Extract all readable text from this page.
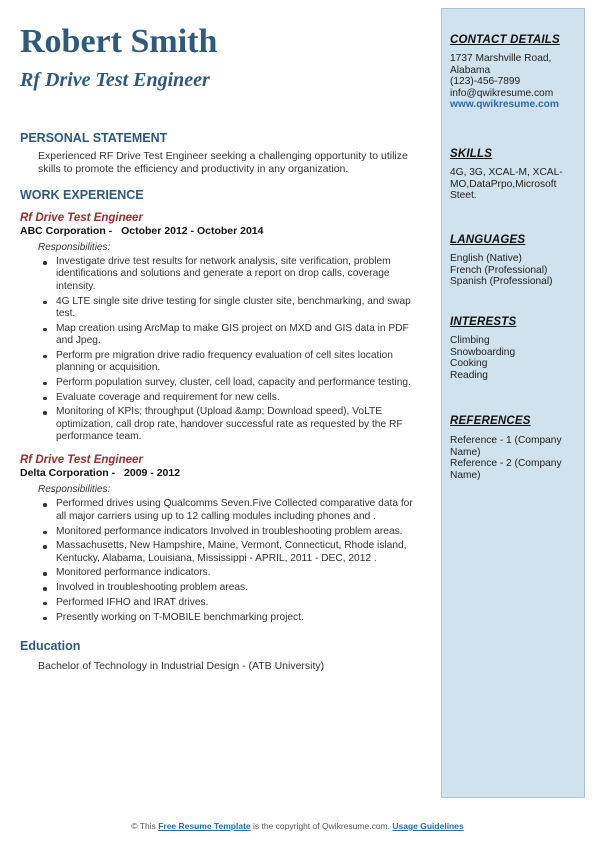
Robert Smith
Rf Drive Test Engineer
PERSONAL STATEMENT
Experienced RF Drive Test Engineer seeking a challenging opportunity to utilize skills to promote the efficiency and productivity in any organization.
WORK EXPERIENCE
Rf Drive Test Engineer
ABC Corporation - October 2012 - October 2014
Responsibilities:
Investigate drive test results for network analysis, site verification, problem identifications and solutions and generate a report on drop calls, coverage intensity.
4G LTE single site drive testing for single cluster site, benchmarking, and swap test.
Map creation using ArcMap to make GIS project on MXD and GIS data in PDF and Jpeg.
Perform pre migration drive radio frequency evaluation of cell sites location planning or acquisition.
Perform population survey, cluster, cell load, capacity and performance testing.
Evaluate coverage and requirement for new cells.
Monitoring of KPIs; throughput (Upload &amp; Download speed), VoLTE optimization, call drop rate, handover successful rate as requested by the RF performance team.
Rf Drive Test Engineer
Delta Corporation - 2009 - 2012
Responsibilities:
Performed drives using Qualcomms Seven.Five Collected comparative data for all major carriers using up to 12 calling modules including phones and .
Monitored performance indicators Involved in troubleshooting problem areas.
Massachusetts, New Hampshire, Maine, Vermont, Connecticut, Rhode island, Kentucky, Alabama, Louisiana, Mississippi - APRIL, 2011 - DEC, 2012 .
Monitored performance indicators.
Involved in troubleshooting problem areas.
Performed IFHO and IRAT drives.
Presently working on T-MOBILE benchmarking project.
Education
Bachelor of Technology in Industrial Design - (ATB University)
CONTACT DETAILS
1737 Marshville Road, Alabama
(123)-456-7899
info@qwikresume.com
www.qwikresume.com
SKILLS
4G, 3G, XCAL-M, XCAL-MO,DataPrpo,Microsoft Steet.
LANGUAGES
English (Native)
French (Professional)
Spanish (Professional)
INTERESTS
Climbing
Snowboarding
Cooking
Reading
REFERENCES
Reference - 1 (Company Name)
Reference - 2 (Company Name)
© This Free Resume Template is the copyright of Qwikresume.com. Usage Guidelines
